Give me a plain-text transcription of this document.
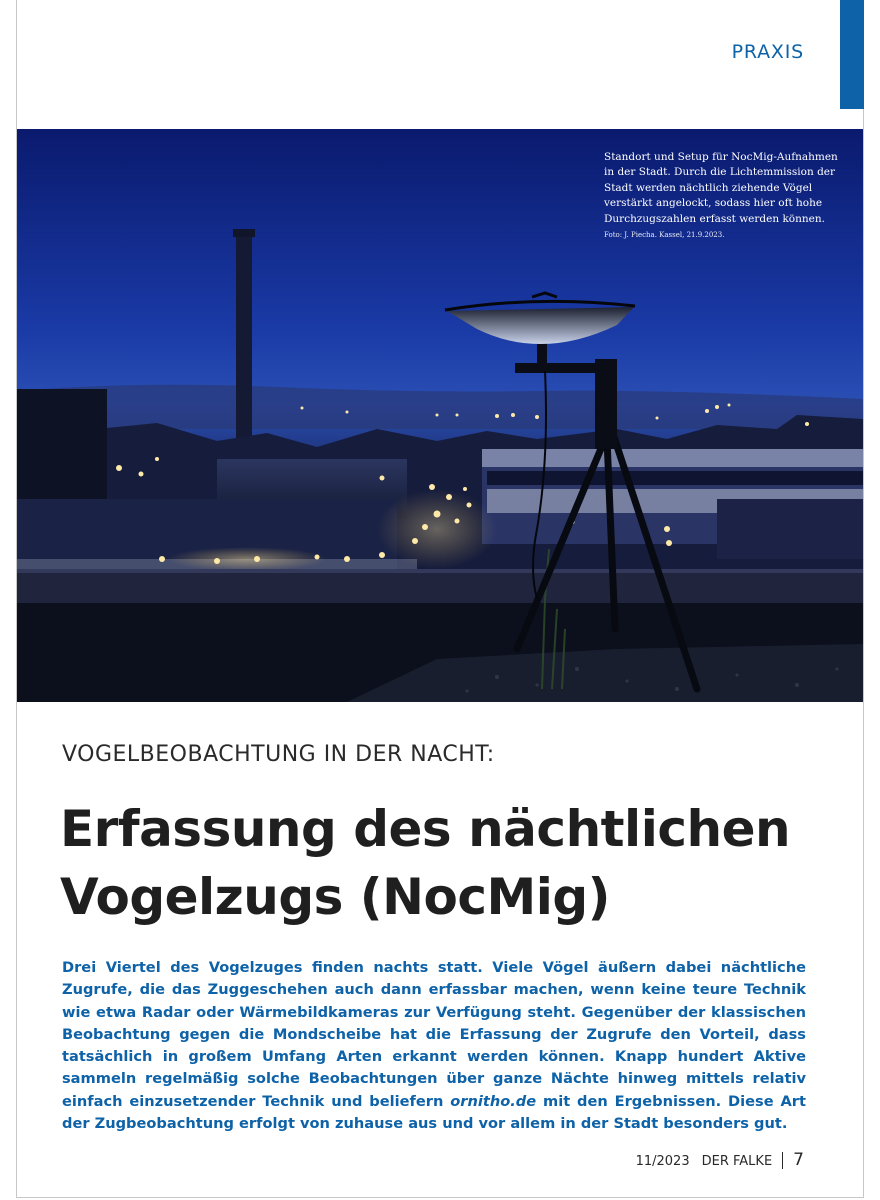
PRAXIS
Standort und Setup für NocMig-Aufnahmen in der Stadt. Durch die Lichtemmission der Stadt werden nächtlich ziehende Vögel verstärkt angelockt, sodass hier oft hohe Durchzugszahlen erfasst werden können. Foto: J. Piecha. Kassel, 21.9.2023.
VOGELBEOBACHTUNG IN DER NACHT:
Erfassung des nächtlichen
Vogelzugs (NocMig)

Drei Viertel des Vogelzuges finden nachts statt. Viele Vögel äußern dabei nächtliche Zugrufe, die das Zuggeschehen auch dann erfassbar machen, wenn keine teure Technik wie etwa Radar oder Wärmebildkameras zur Verfügung steht. Gegenüber der klassischen Beobachtung gegen die Mondscheibe hat die Erfassung der Zugrufe den Vorteil, dass tatsächlich in großem Umfang Arten erkannt werden können. Knapp hundert Aktive sammeln regelmäßig solche Beobachtungen über ganze Nächte hinweg mittels relativ einfach einzusetzender Technik und beliefern ornitho.de mit den Ergebnissen. Diese Art der Zugbeobachtung erfolgt von zuhause aus und vor allem in der Stadt besonders gut.

11/2023 DER FALKE 7
